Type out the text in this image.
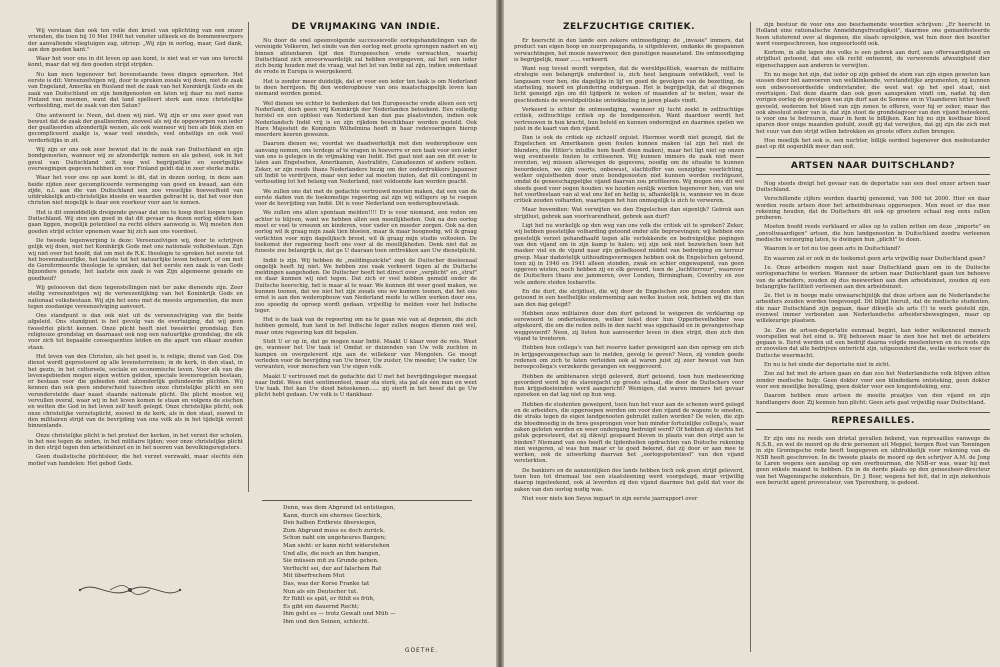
Wij verstaan dan ook ten volle den kreet van oplichting van een onzer vrienden, die toen bij 10 Mei 1940 het venster uitkeek en de bommenwerpers der aanvallende vliegtuigen zag, uitriep: „Wij zijn in oorlog, maar, God dank, aan den goeden kant."

Waar het voor ons in dit leven op aan komt, is niet wat er van ons terecht komt, maar dat wij den goeden strijd strijden.

Nu kan men tegenover het bovenstaande twee dingen opmerken. Het eerste is dit: Vereenzelvigen wij, door te spreken zooals wij doen, niet de zaak van Engeland, Amerika en Rusland met de zaak van het Koninkrijk Gods en de zaak van Duitschland en zijn bondgenooten en laten wij daar nu met name Finland van noemen, want dat land spelleert sterk aan onze christelijke verbeelding, met de zaak van den Satan?

Ons antwoord is: Neen, dat doen wij niet. Wij zijn er ons zeer goed van bewust dat de zaak der geallieerden, zooveel als wij de opgeworpen van ieder der geallieerden afzonderlijk wenen, als ook wanneer wij hen als blok zien en gecompliceerd zaakje is, waar veel onedels, veel onheiligs en ook veel verderfelijks in zit.

Wij zijn er ons ook zeer bewust dat in de zaak van Duitschland en zijn bondgenooten, wanneer wij ze afzonderlijk nemen en als geheel, ook in het geval van Duitschland zelf, nog wel begrijpelijke en soortgelijke overwegingen gegeven hebben en voor Finland geldt dat in zeer sterke mate.

Waar het voor ons op aan komt is dit, dat in dezen oorlog, in deze aan beide zijden zeer gecompliceerde vermenging van goed en kwaad, aan één zijde, n.l. aan die van Duitschland een zoo vreselijke hoeveelheid van uitdrukkelijk anti-christelijke ideeën en waarden gebracht is, dat het voor den christen niet mogelijk is daar een voorkeur voor aan te nemen.

Het is dit onmiddellijk dreigende gevaar dat ons te hoop doet loopen tegen Duitschland. Wij zien een goed in dat dit gevaar na dezen oorlog elders kan gaan liggen, mogelijk potentieel na recht elders aanwezig is. Wij moeten den goeden strijd echter opnemen waar hij zich aan ons voordoet.

De tweede tegenwerping is deze: Vereenzelvigen wij, door te schrijven gelijk wij doen, niet het Koninkrijk Gods met ons nationale volksbestaan. Zijn wij niet over het hoofd, dat om met de R.K. theologie te spreken het eerste tot het bovennatuurlijke, het laatste tot het natuurlijke leven behoort, of om met de Gereformeerde theologie te spreken, dat het eerste een zaak is van Gods bijzondere genade, het laatste een zaak is van Zijn algemeene genade en goedheid?

Wij geloooven dat deze tegenstellingen niet ter zake dienende zijn. Zeer stellig vereenzelvigen wij de verwezenlijking van het Koninkrijk Gods en nationaal volksbestaan. Wij zijn het eens met de meeste argumenten, die men tegen zoodanige vereenzelviging aanvoert.

Ons standpunt is dan ook niet uit de vereenzelviging van die beide afgeleid. Ons standpunt is het gevolg van de overtuiging, dat wij geen tweeërlei plicht kennen. Onze plicht heeft niet tweeërlei grondslag. Een religieuze grondslag en daarnaast ook nog een natuurlijke grondslag, die elk voor zich tot bepaalde consequenties leiden en die apart van elkaar zouden staan.

Het leven van den Christen, als het goed is, is religie, dienst van God. Die dienst wordt gepresteerd op alle levensterreinen; in de kerk, in den staat, in het gezin, in het cultureele, sociale en economische leven. Voor elk van die levensgebieden mogen eigen wetten gelden, speciale levensregelen bestaan, er bestaan voor die gebieden niet afzonderlijk gefundeerde plichten. Wij kennen dan ook geen onderscheid tusschen onze christelijke plicht en een veronderstelde daar naast staande nationale plicht. Die plicht moeten wij vervullen overal, waar wij in het leven komen te staan en volgens de eischen en wetten die God in het leven zelf heeft gelegd. Onze christelijke plicht, ook onze christelijke verzetsplicht, zoowel in de kerk, als in den staat, zoowel in den militairen strijd van de bevrijding van ons volk als in het tijdelijk verzet binnenlands.

Onze christelijke plicht is het protest der kerken, in het verzet der scholen, in het nee tegen de zeden, in het militaire lijden; voor onze christelijke plicht in den strijd tegen den arbeidsinzet en in het nooren van bevolkingsregisters.

Geen dualistische plichtsleer, die het verzet verzwakt, maar slechts één motief van handelen: Het gebod Gods.

DE VRIJMAKING VAN INDIË.

Nu door de snel opeenvolgende successievolle oorlogshandelingen van de verenigde Volkeren, het einde van den oorlog met groote sprongen nadert en wij binnen afzienbaren tijd den Europeeschen vrede verwachten, waarbij Duitschland zich onvoorwaardelijk zal hebben overgegeven, zal het een ieder zich bezig houden met de vraag, wat het lot van Indië zal zijn, indien onderdaad de vrede in Europa is weergekeerd.

Het is zonder meer duidelijk, dat er voor een ieder ten taak is om Nederland te doen herrijzen. Bij den wederopbouw van ons maatschappelijk leven kan niemand worden gemist.

Wel dienen we echter te bedenken dat ten Europeesche vrede alleen een vrij Nederland, doch geen vrij Koninkrijk der Nederlanden beteekent. Een volledig herstel en een opbloei van Nederland kan dan pas plaatsvinden, indien ook Nederlandsch Indië vrij is en zijn rijkdom beschikbaar worden gesteld. Ook Hare Majesteit de Koningin Wilhelmina heeft in haar redevoeringen hierop meerdere keeren gewezen.

Daarom dienen we, voordat we daadwerkelijk met den wederopbouw een aanvang nemen, ons terdege af te vragen in hoeverre er een taak voor een ieder van ons is gelegen in de vrijmaking van Indië. Het gaat niet aan om dit over te laten aan Engelsehen, Amerikanen, Australiërs, Canadeezen of andere volken. Zeker, er zijn reeds thans Nederlanders bezig om der onderdrukkers Japanner uit Indië te verdrijven, maar een ieder zal moeten inzien, dat dit contingent in verhouding tot het belang van Nederland, niet voldoende kan worden geacht.

We zullen ons dat met de gedachte vertrouwd moeten maken, dat een van de eerste daden van de toekomstige regeering zal zijn wij willigers op te roepen voor de bevrijding van Indië. Dit is voor Nederland een wederopbouwtaak.

We zullen ons allen spontaan melden!!!! Er is voor niemand, een reden om achter te blijven, want we hebben allen een moeilijkheden. Ook na den oorlog moet er veel te vreezen en kinderen, voor vader en moeder zorgen. Ook na den oorlog wil ik graag mijn zaak tien bloeien, maar ik maar hoognodig, wil ik graag verlichten voor mijn dagelijksch brood, wil ik graag mijn studie voltooien. De toekomst der regeering heeft ons voor al de moeilijkheden. Denk niet dat ze funeste zou belangrijk is, dat ge U daaraan toen onttrekken aan Uw dienstplicht.

Indië is zijn. Wij hebben de „meldingszickte" zegt de Duitscher doeleenaal ongelijk heeft hij niet. We hebben zoo vaak verkeerd tegen al de Duitsche meldingen aangehoden. De Duitscher heeft het direct over „verplicht" en „straf" en daar kunnen wij niet tegen. Dat zich er veel hebben gemeld onder de Duitsche heerschig, het is maar al te waar. We kunnen dit weer goed maken, we kunnen toonen, dat we niet het zijn zooals ons we kunnen toonen, dat het ons ernst is aan den wederopbouw van Nederland mede te willen werken door ons, zoo spoedig de oproep wordt gedaan, vrijwillig te melden voor het Indische leger.

Het is de taak van de regeering om na te gaan wie van al degenen, die zich hebben gemeld, hun land in het Indische leger zullen mogen dienen niet wel, maar onze regeering kan dit bepalen.

Stelt U er op in, dat ge mogen naar Indië. Maakt U klaar voor de reis. Weet ge, wanneer het Uw taak is! Omdat er duizenden van Uw volk zuchten in kampen en overgeleverd zijn aan de willekeur van Mongolen. Ge moogt verleden voor de bevrijding van Uw broer, Uw zuster, Uw moeder, Uw vader, Uw verwanten, voor menschen van Uw eigen volk.

Maakt U vertrouwd met de gedachte dat U met het bevrijdingsleger meegaat naar Indië. Wees niet sentimenteel, maar sta sterk, sta pal als één man en weet Uw taak. Het kan Uw dood beteekenen...... gij sterft in het besef dat ge Uw plicht hebt gedaan. Uw volk is U dankbaar.

Denn, was dem Abgrund ist entstiegen,
Kann, durch ein ehernes Geschick,
Den halben Erdkreis übersiegen,
Zum Abgrund muss es doch zurück.
Schon naht ein ungeheures Bangen;
Man sieht: er kann nicht widerstehen
Und alle, die noch an ihm hangen,
Sie müssen mit zu Grunde gehen.
Verflucht sei, der auf falschem Rat
Mit überfrechem Mut
Das, was der Korse Franke tat
Nun als ein Deutscher tut.
Er fühlt es spät, er fühlt es früh,
Es gibt ein dauernd Recht;
Ihm geht es — trotz Gewalt und Müh —
Ihm und den Seinen, schlecht.
GOETHE.
ZELFZUCHTIGE CRITIEK.

Er heerscht in den lande een zekere ontmoediging: de „invasie" immers, dat product van eigen hoop en zuurpropaganda, is uitgebleven, ondanks de gespannen verwachtingen, het mooie nawerweer, den gunstigen maanstand. Die ontmoediging is begrijpelijk, maar ...... verkeerd.

Want nog teveel wordt vergeten, dat de wereldpolitiek, waarvan de militaire strategie een belangrijk onderdeel is, zich heel langzaam ontwikkelt, veel te langzaam voor hen, die dagelijks in lijf en goed de gevolgen van de bezetting, de starheling, moord en plundering ondergaan. Het is begrijpelijk, dat al diegenen licht geneigd zijn om dit tijdperk in weken of maanden af te meten, waar de geschiedenis de wereldpolitieke ontwikkeling in jaren plaats vindt.

Verkeerd is echter de ontmoediging, wanneer zij lucht zoekt in zelfzuchtige critiek, zelfzuchtige critiek op de bondgenooten. Want daardoor wordt het vertrouwen in hun kracht, hun beleid en kunnen ondermijnd en daarmee spelen we juist in de kaart van den vijand.

Dan is ook de critiek op zichzelf onjuist. Hiermee wordt niet gezegd, dat de Engelschen en Amerikanen geen fouten kunnen maken (al zijn het niet de blunders, die Hitler's intuïtie hem heeft doen maken), maar het ligt niet op onzen weg eventueele fouten te critiseeren. Wij kunnen immers de zaak niet meer overzien, wij missen allerwegen de gegevens, noodig om de situatie te kunnen beoordeelen, we zijn voorts, onbewust, slachtoffer van eenzijdige voorlichting, welker onjuistheden door onze bondgenooten niet kunnen worden rechtgezet, omdat de geneeschappelijke vijand daarvan zou profiteeren. Wij mogen ons dit wel steeds goed voor oogen houden: we houden eenlijk worden tegenover hen, van wie het voortbestaan van al wat ons lief en heilig is, afhankelijk is, wanneer we in deze critiek zouden volharden, waartegen het hun onmogelijk is zich te verweren.

Maar bovendien: Wat verwijten we den Engelschen dan eigenlijk? Gebrek aan strijdlust, gebrek aan voortvarendheid, gebrek aan durf?

Ligt het nu werkelijk op den weg van ons volk die critiek uit te spreken? Zeker, wij hebben geestelijke volharding getoond onder alle beproevingen; wij hebben ons geestelijk verzet gehandhaafd tegen alle verlokkende en bedreigelijke pogingen van den vijand om in zijn kamp te halen; wij zijn ook niet bezwichen toen het masker viel en de vijand naar zijn geliefkoosd middel van bedreiging en terreur greep. Maar dadzetelijk uithoudingsvermogen hebben ook de Engelschen getoond, toen zij in 1940 en 1941 alleen stonden, zwak en schier ongewapend, van geen opgeven wisten, noch hebben zij en elk geveerd, toen de „luchtterreur", waarover de Duitschers thans zoo jammeren, over Londen, Birmingham, Coventry en zoo vele andere steden losbarstte.

En die durf, die strijdlust, die wij door de Engelschen zoo graag zouden zien getoond in een heelhelijke onderneming aan welke kusten ook, hebben wij die dan aan den dag gelegd?

Hebben onze militairen door den durf getoond te weigeren de verklaring op eerewoord te onderteekenen, welker tekst door hun Opperbevelhebber was afgekeurd, die om die reden zelfs in den nacht was opgehaald en in gevangenschap weggevoerd? Neen, zij lieten hun aanvoerder leven in dien strijd, dien zich den vijand te tronteren.

Hebben hun collega's van het reserve kader geweigerd aan den oproep om zich in krijgsgevangenschap aan te melden, gevolg te geven? Neen, zij vonden goede redenen om zich te laten verleiden ook al waren juist zij zeer bewust van hun beroepcollega's verzekerde gevangen en weggevoerd.

Hebben de ambtenaren strijd geleverd, durf getoond, toen hun medewerking gevorderd werd bij de slavenjacht op groote schaal, die door de Duitschers voor hun krijgsdoeleinden werd aangericht? Weinigen, dat waren immers het gevaar opzoeken en dat lag niet op hun weg.

Hebben de studenten geweigerd, toen hun het vuur aan de schenen werd gelegd en de arbeiders, die opgeroepen werden om voor den vijand de wapens te smeden, die straks tegen de eigen landgenooten gebruikt zullen worden? De velen, die zijn die bloedmoedig in de bres gesprongen voor hun minder fortuinlijke collega's, waar zaken geloten werden en weer ondergang bedreigd werd? Of hebben zij slechts het geluk gepresteerd, dat zij dikwijl gespaard bleven in plaats van den strijd aan te binden? Niemand van ons heeft de lijdenheilen opdrachten van Duitsche rekening zien weigeren, al was hun maar er te goed bekend, dat zij door er aan mee te werken, ook de uitwerking daarvan het „oorlogspotentieel" van den vijand versterkten.

De bankiers en de aanzienlijken des lands hebben toch ook geen strijd geleverd, toen hun tot driemaal toe een staatsleening werd voorgelegd, maar vrijwillig daarop ingeteekend, ook al leverden zij den vijand daarmee het geld dat voor de zaken van den oorlog nodig was.

Niet voor niets kon Seyss inquart in zijn eerste jaarrapport over

zijn bestuur de voor ons zoo beschamende woorden schrijven: „Er heerscht in Holland eine rationalische Anmeldungsfreudigkeit", daarmee ons gemanifesteerde hoon uitsterend over al degenen, die slaafs opvolgden, wat hun door den bezetter werd voorgeschreven, hoe ongeoorloofd ook.

Kortom, in alle lagen des volks is een gebrek aan durf, aan offervaardigheid en strijdlust getoond, dat ons elk recht ontneemt, de verwerende afwezigheid dier eigenschappen aan anderen te verwijten.

En nu moge het zijn, dat ieder op zijn gebied de stem van zijn eigen geweten kan sussen door het aanvoeren van welklinkende, verstandelijke argumenten, zij kunnen een onbevooroordeelde onderstander, die weet wat op het spel staat, niet overtuigen. Dat deze daarin dan ook geen aanspraken vindt om, nadat hij den vorigen oorlog de gevolgen van zijn durf aan de Somme en in Vlaanderen bitter heeft gevoeld, wederom het bloed van zijn zonen te offeren, voor hij er zeker, maar das ook absoluut zeker van is, dat zijn stoot de grondslagvoor van den vijand beteekent, is voor ons te betreuren, maar in hem te billijken. Kan hij nu zijn kostbaar bloed sparen door enige maanden geduld, zoudt gij dat verwijten, dat gij zijn die zich met het vuur van den strijd willen betrekken en groote offers zullen brengen.

Hoe moeilijk het ook is, een nuchter, billijk oordeel tegenover den medestander past op dit oogenblik meer dan ooit.

ARTSEN NAAR DUITSCHLAND?

Nog steeds dreigt het gevaar van de deportatie van een deel onzer artsen naar Duitschland.

Verschillende cijfers worden daarbij genoemd, van 500 tot 2000. Hier en daar worden reeds artsen door het arbeidsbureau opgeroepen. Men moet er dus mee rekening houden, dat de Duitschers dit ook op grootere schaal nog eens zullen proberen.

Moeten hoofd reeds verklaard er alles op te zullen zetten om deze „importe" en „onvoltwaardigen" artsen, die hun landgenooten in Duitschland zoodra verleenen medische verzorging laten, te dwingen hun „plicht" te doen.

Waarom is er tot nu toe geen arts in Duitschland?

En waarom zal er ook in de toekomst geen arts vrijwillig naar Duitschland gaan?

1e. Onze arbeiders mogen niet naar Duitschland gaan om in de Duitsche oorlogsmachine te werken. Wanneer de artsen naar Duitschland gaan ten behoeve van de arbeiders, zouden zij dus meewerken aan den arbeidsinzet, zouden zij een belangrijke facilitteit verleenen aan den arbeidsinzet.

2e. Het is in hooge mate onwaarschijnlijk dat deze artsen aan de Nederlandsche arbeiders zouden worden toegevoegd. Dit blijkt hieruit, dat de medische studenten, die naar Duitschland zijn gegaan, daar dikwijls als arts (!) te werk gesteld zijn, evenwel immer verbonden aan Nederlandsche arbeidersbewegingen, maar op willekeurige plaatsen.

3e. Zoo de artsen-deportatie eenmaal begint, kan ieder welkennend mensch voorspellen wat het eind is. Wij behoeven maar te zien hoe het met de arbeiders gegaan is. Eerst werden uit een bedrijf daarna volgde meelenteren en nu reeds zijn er zoovelen dat alle bedrijven ontwricht zijn, uitgezonderd die, welke werken voor de Duitsche weermacht.

En nu is het einde der deportatie niet in zicht.

Zoo zal het met de artsen gaan en dan zou het Nederlandsche volk blijven zitten zonder medische hulp: Geen dokter voor een blindedarm ontsteking, geen dokter voor een moeilijke bevalling, geen dokter voor een longontsteking, enz.

Daarom hebben onze artsen de moeite praatjes van den vijand en zijn handlangers door. Zij kennen hun plicht: Geen arts gaat vrijwillig naar Duitschland.

REPRESAILLES.

Er zijn ons nu reeds een drietal gevallen bekend, van represailles vanwege de N.S.B., en wel de moord op de drie personen uit Meppel, bergen Rost van Tonningen in zijn Groningsche rede heeft toegegeven en uitdrukkelijk voor rekening van de NSB heeft geschreven. In de tweede plaats de moord op den schrijver A.M. de Jong te Laren wegens een aanslag op een overbuurman, die NSB-er was, waar hij met geen enkele maand te hebben. En in de derde plaats op den geneesheer-directeur van het Wageningsche ziekenhuis, Dr. J. Boer, wegens het feit, dat in zijn ziekenhuis een berucht agent provocateur, van Yperenburg, is gedood.
